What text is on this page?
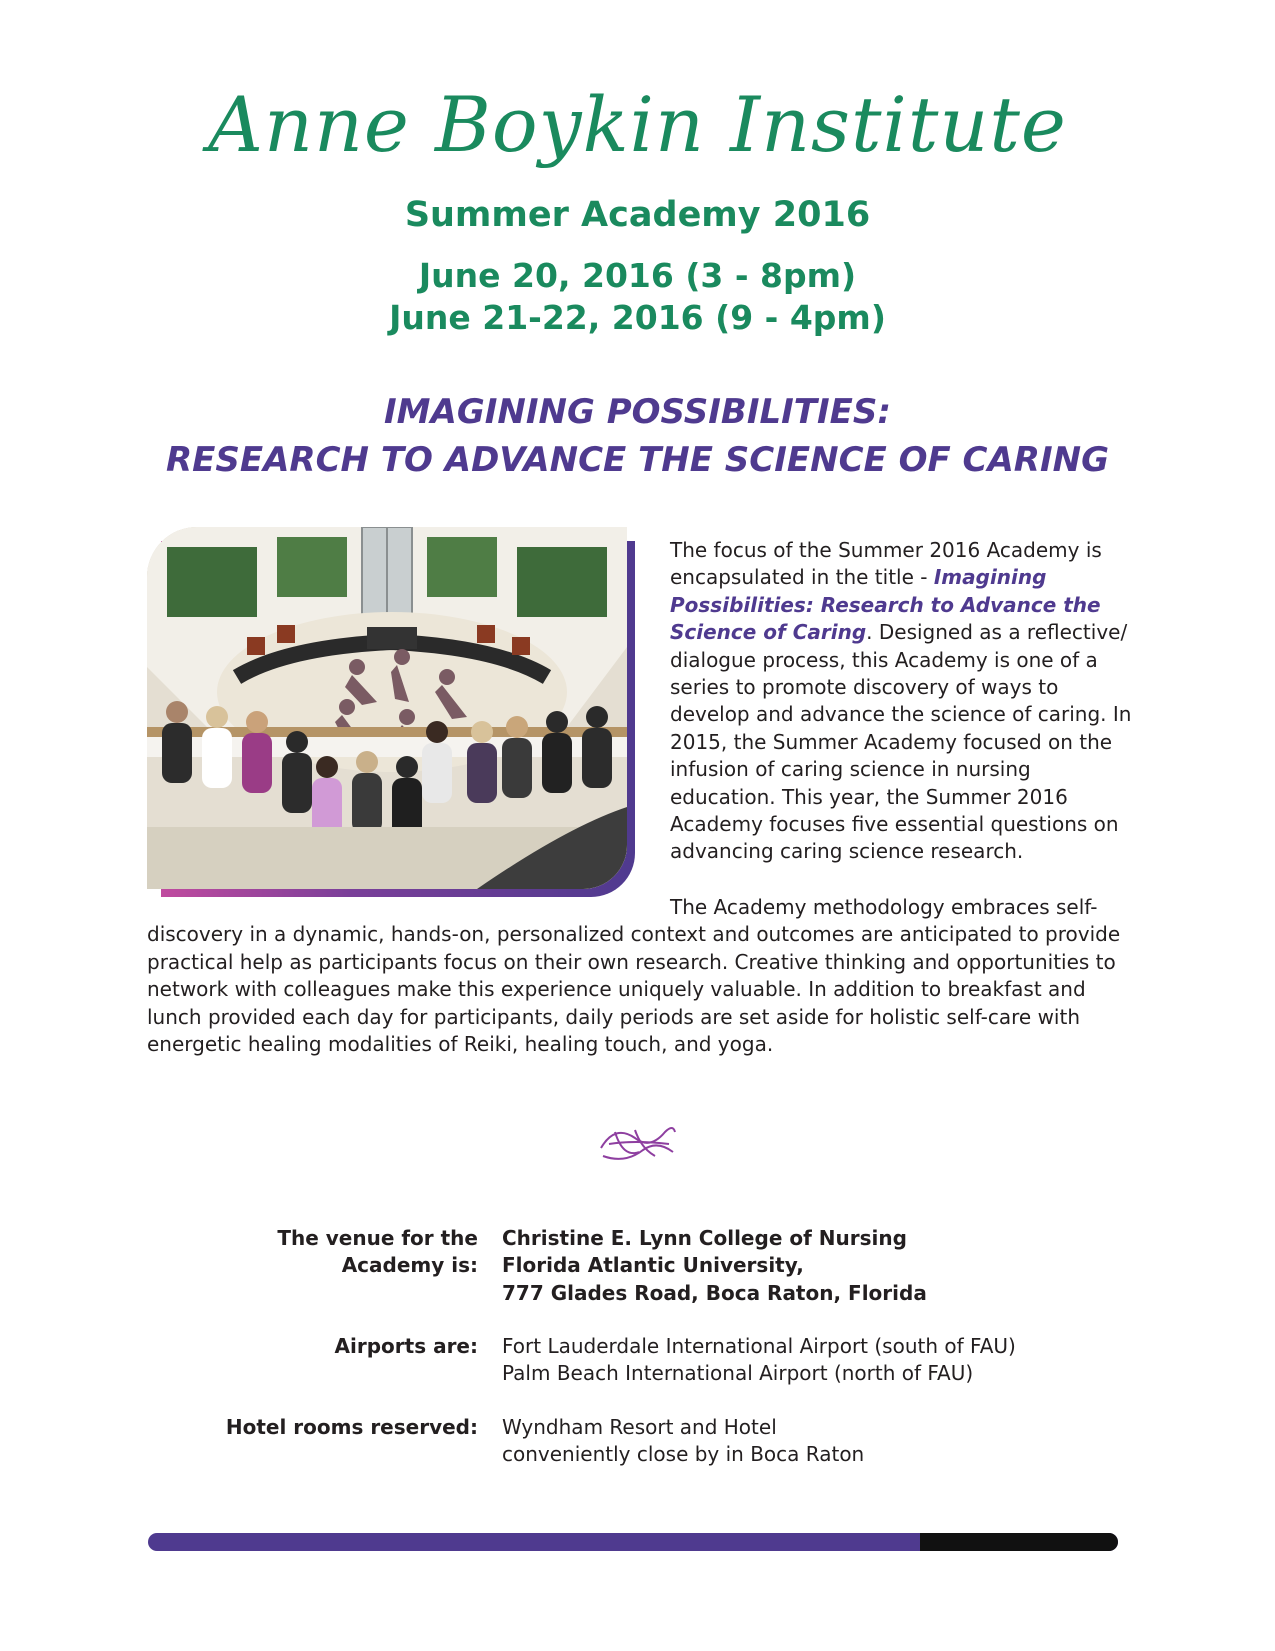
Anne Boykin Institute
Summer Academy 2016
June 20, 2016 (3 - 8pm)
June 21-22, 2016 (9 - 4pm)
IMAGINING POSSIBILITIES:
RESEARCH TO ADVANCE THE SCIENCE OF CARING
The focus of the Summer 2016 Academy is encapsulated in the title - Imagining Possibilities: Research to Advance the Science of Caring. Designed as a reflective/ dialogue process, this Academy is one of a series to promote discovery of ways to develop and advance the science of caring. In 2015, the Summer Academy focused on the infusion of caring science in nursing education. This year, the Summer 2016 Academy focuses five essential questions on advancing caring science research.
The Academy methodology embraces self-discovery in a dynamic, hands-on, personalized context and outcomes are anticipated to provide practical help as participants focus on their own research. Creative thinking and opportunities to network with colleagues make this experience uniquely valuable. In addition to breakfast and lunch provided each day for participants, daily periods are set aside for holistic self-care with energetic healing modalities of Reiki, healing touch, and yoga.
The venue for the
Academy is:
Christine E. Lynn College of Nursing
Florida Atlantic University,
777 Glades Road, Boca Raton, Florida
Airports are: Fort Lauderdale International Airport (south of FAU)
Palm Beach International Airport (north of FAU)
Hotel rooms reserved: Wyndham Resort and Hotel
conveniently close by in Boca Raton
